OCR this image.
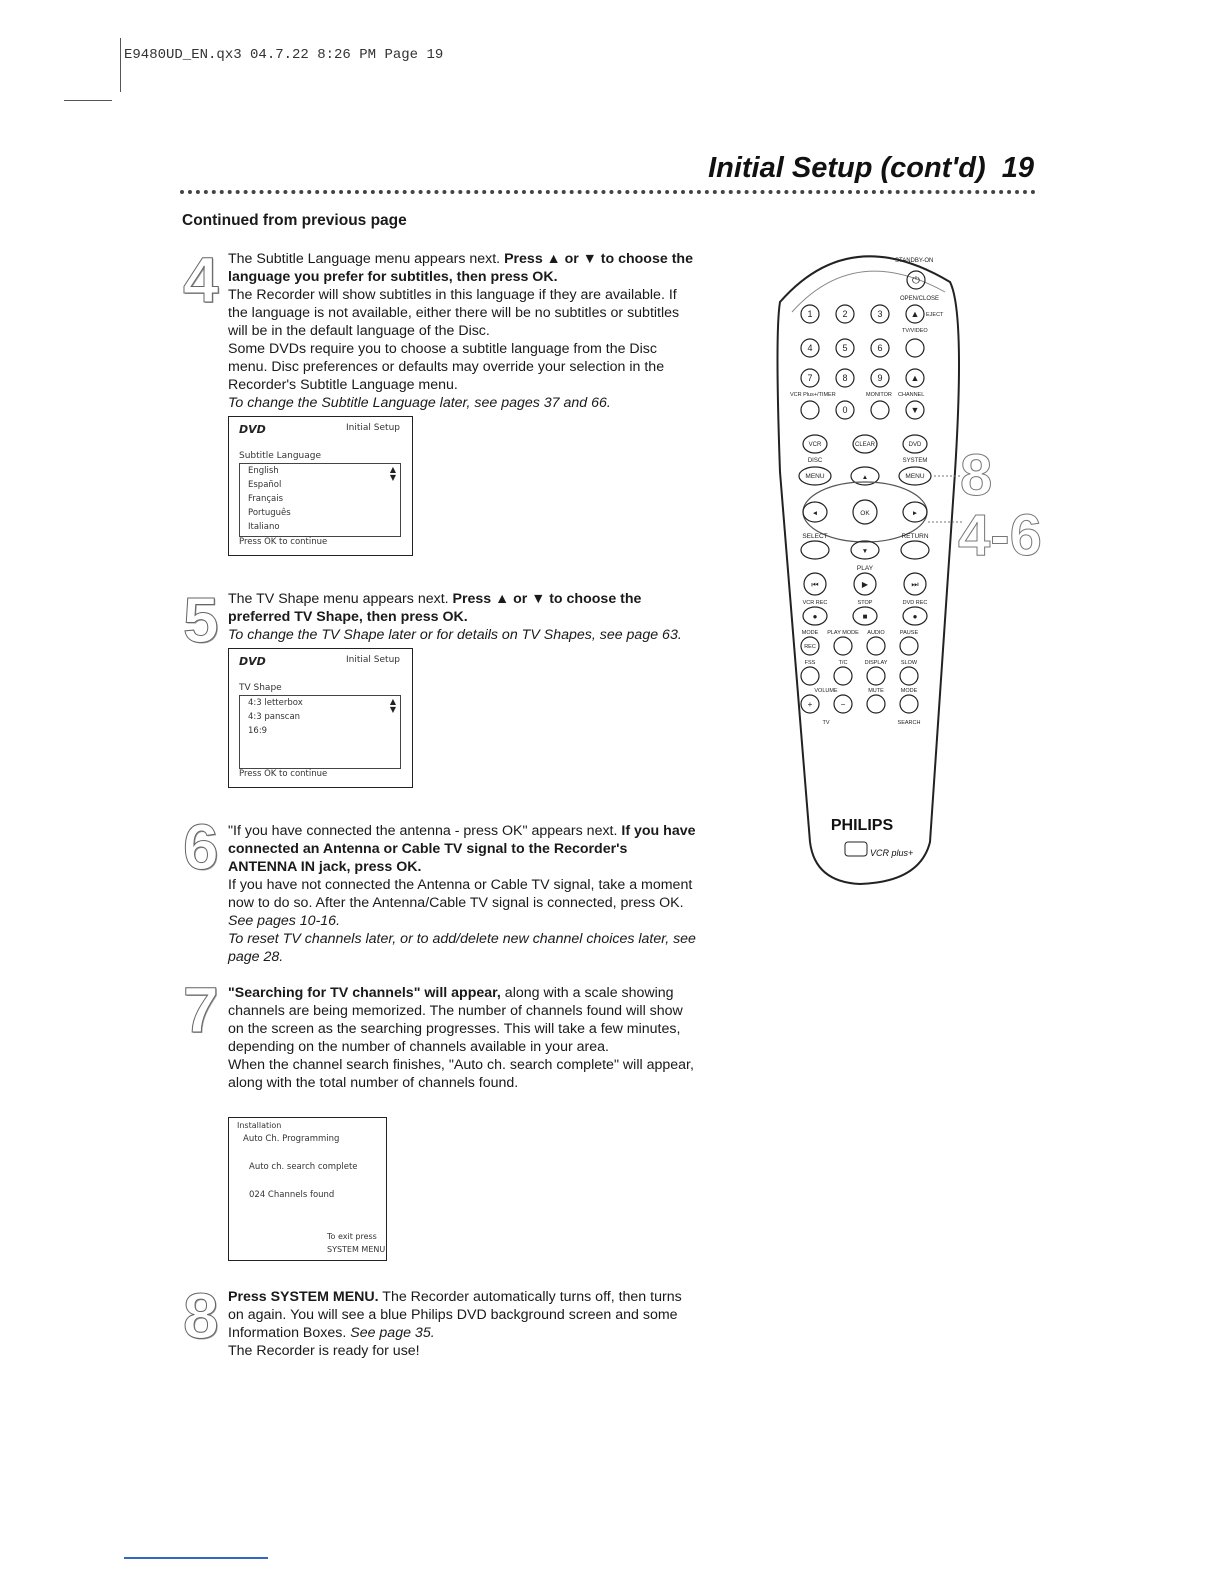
E9480UD_EN.qx3 04.7.22 8:26 PM Page 19
Initial Setup (cont'd) 19
Continued from previous page
4 The Subtitle Language menu appears next. Press ▲ or ▼ to choose the language you prefer for subtitles, then press OK.

The Recorder will show subtitles in this language if they are available. If the language is not available, either there will be no subtitles or subtitles will be in the default language of the Disc.

Some DVDs require you to choose a subtitle language from the Disc menu. Disc preferences or defaults may override your selection in the Recorder's Subtitle Language menu.

To change the Subtitle Language later, see pages 37 and 66.

DVD	Initial Setup
Subtitle Language
English
Español
Français
Português
Italiano
▲
▼
Press OK to continue
5 The TV Shape menu appears next. Press ▲ or ▼ to choose the preferred TV Shape, then press OK.

To change the TV Shape later or for details on TV Shapes, see page 63.

DVD	Initial Setup
TV Shape
4:3 letterbox
4:3 panscan
16:9
▲
▼
Press OK to continue
6 "If you have connected the antenna - press OK" appears next. If you have connected an Antenna or Cable TV signal to the Recorder's ANTENNA IN jack, press OK.

If you have not connected the Antenna or Cable TV signal, take a moment now to do so. After the Antenna/Cable TV signal is connected, press OK. See pages 10-16.

To reset TV channels later, or to add/delete new channel choices later, see page 28.

7 "Searching for TV channels" will appear, along with a scale showing channels are being memorized. The number of channels found will show on the screen as the searching progresses. This will take a few minutes, depending on the number of channels available in your area.

When the channel search finishes, "Auto ch. search complete" will appear, along with the total number of channels found.

Installation
Auto Ch. Programming
Auto ch. search complete
024 Channels found
To exit press
SYSTEM MENU
8 Press SYSTEM MENU. The Recorder automatically turns off, then turns on again. You will see a blue Philips DVD background screen and some Information Boxes. See page 35.

The Recorder is ready for use!

⏻
STANDBY-ON
OPEN/CLOSE
1	2	3	▲
4	5	6
7	8	9	▲
0	▼
EJECT
TV/VIDEO
VCR Plus+/TIMER	MONITOR CHANNEL
VCR	CLEAR	DVD
DISC	SYSTEM
MENU	▲	MENU
◄	OK	►
SELECT	RETURN
▼
PLAY
⏮	▶	⏭
●	■	●
+	−
VCR REC	STOP	DVD REC
MODE PLAY MODE AUDIO	PAUSE
REC
FSS	T/C	DISPLAY SLOW
VOLUME	MUTE	MODE
TV	SEARCH
PHILIPS
VCR plus+
8
4-6
